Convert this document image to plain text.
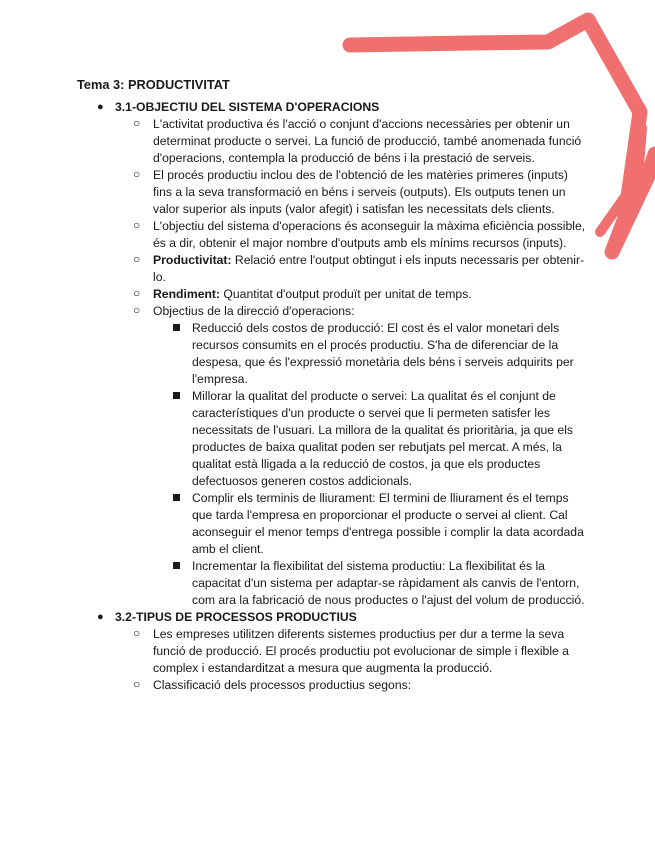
Tema 3: PRODUCTIVITAT
● 3.1-OBJECTIU DEL SISTEMA D'OPERACIONS
○ L'activitat productiva és l'acció o conjunt d'accions necessàries per obtenir un determinat producte o servei. La funció de producció, també anomenada funció d'operacions, contempla la producció de béns i la prestació de serveis.
○ El procés productiu inclou des de l'obtenció de les matèries primeres (inputs) fins a la seva transformació en béns i serveis (outputs). Els outputs tenen un valor superior als inputs (valor afegit) i satisfan les necessitats dels clients.
○ L'objectiu del sistema d'operacions és aconseguir la màxima eficiència possible, és a dir, obtenir el major nombre d'outputs amb els mínims recursos (inputs).
○ Productivitat: Relació entre l'output obtingut i els inputs necessaris per obtenir-lo.
○ Rendiment: Quantitat d'output produït per unitat de temps.
○ Objectius de la direcció d'operacions:
Reducció dels costos de producció: El cost és el valor monetari dels recursos consumits en el procés productiu. S'ha de diferenciar de la despesa, que és l'expressió monetària dels béns i serveis adquirits per l'empresa.
Millorar la qualitat del producte o servei: La qualitat és el conjunt de característiques d'un producte o servei que li permeten satisfer les necessitats de l'usuari. La millora de la qualitat és prioritària, ja que els productes de baixa qualitat poden ser rebutjats pel mercat. A més, la qualitat està lligada a la reducció de costos, ja que els productes defectuosos generen costos addicionals.
Complir els terminis de lliurament: El termini de lliurament és el temps que tarda l'empresa en proporcionar el producte o servei al client. Cal aconseguir el menor temps d'entrega possible i complir la data acordada amb el client.
Incrementar la flexibilitat del sistema productiu: La flexibilitat és la capacitat d'un sistema per adaptar-se ràpidament als canvis de l'entorn, com ara la fabricació de nous productes o l'ajust del volum de producció.
● 3.2-TIPUS DE PROCESSOS PRODUCTIUS
○ Les empreses utilitzen diferents sistemes productius per dur a terme la seva funció de producció. El procés productiu pot evolucionar de simple i flexible a complex i estandarditzat a mesura que augmenta la producció.
○ Classificació dels processos productius segons:
